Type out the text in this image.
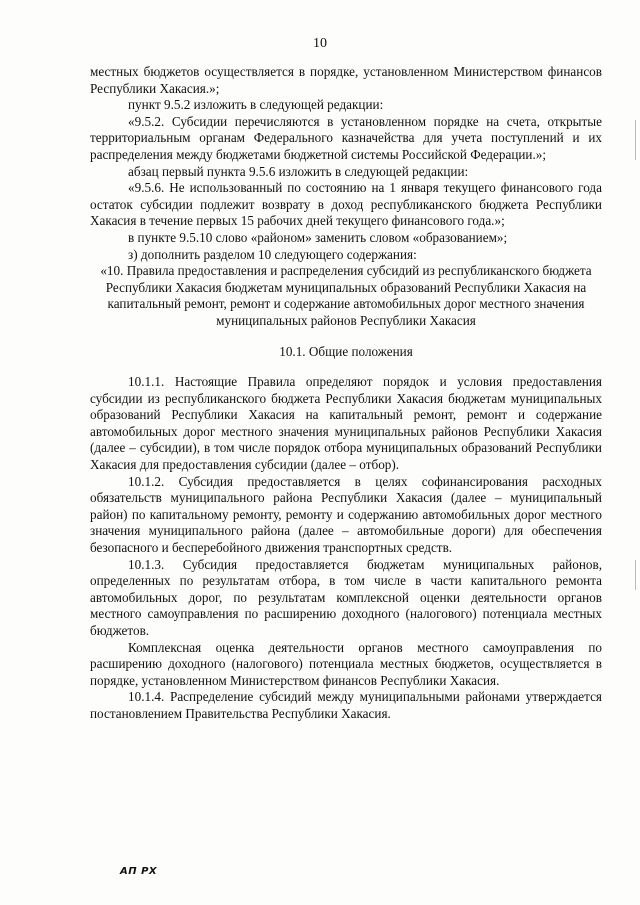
10

местных бюджетов осуществляется в порядке, установленном Министерством финансов Республики Хакасия.»;

пункт 9.5.2 изложить в следующей редакции:

«9.5.2. Субсидии перечисляются в установленном порядке на счета, открытые территориальным органам Федерального казначейства для учета поступлений и их распределения между бюджетами бюджетной системы Российской Федерации.»;

абзац первый пункта 9.5.6 изложить в следующей редакции:

«9.5.6. Не использованный по состоянию на 1 января текущего финансового года остаток субсидии подлежит возврату в доход республиканского бюджета Республики Хакасия в течение первых 15 рабочих дней текущего финансового года.»;

в пункте 9.5.10 слово «районом» заменить словом «образованием»;

з) дополнить разделом 10 следующего содержания:

«10. Правила предоставления и распределения субсидий из республиканского бюджета Республики Хакасия бюджетам муниципальных образований Республики Хакасия на капитальный ремонт, ремонт и содержание автомобильных дорог местного значения муниципальных районов Республики Хакасия

10.1. Общие положения

10.1.1. Настоящие Правила определяют порядок и условия предоставления субсидии из республиканского бюджета Республики Хакасия бюджетам муниципальных образований Республики Хакасия на капитальный ремонт, ремонт и содержание автомобильных дорог местного значения муниципальных районов Республики Хакасия (далее – субсидии), в том числе порядок отбора муниципальных образований Республики Хакасия для предоставления субсидии (далее – отбор).

10.1.2. Субсидия предоставляется в целях софинансирования расходных обязательств муниципального района Республики Хакасия (далее – муниципальный район) по капитальному ремонту, ремонту и содержанию автомобильных дорог местного значения муниципального района (далее – автомобильные дороги) для обеспечения безопасного и бесперебойного движения транспортных средств.

10.1.3. Субсидия предоставляется бюджетам муниципальных районов, определенных по результатам отбора, в том числе в части капитального ремонта автомобильных дорог, по результатам комплексной оценки деятельности органов местного самоуправления по расширению доходного (налогового) потенциала местных бюджетов.

Комплексная оценка деятельности органов местного самоуправления по расширению доходного (налогового) потенциала местных бюджетов, осуществляется в порядке, установленном Министерством финансов Республики Хакасия.

10.1.4. Распределение субсидий между муниципальными районами утверждается постановлением Правительства Республики Хакасия.

АП РХ
